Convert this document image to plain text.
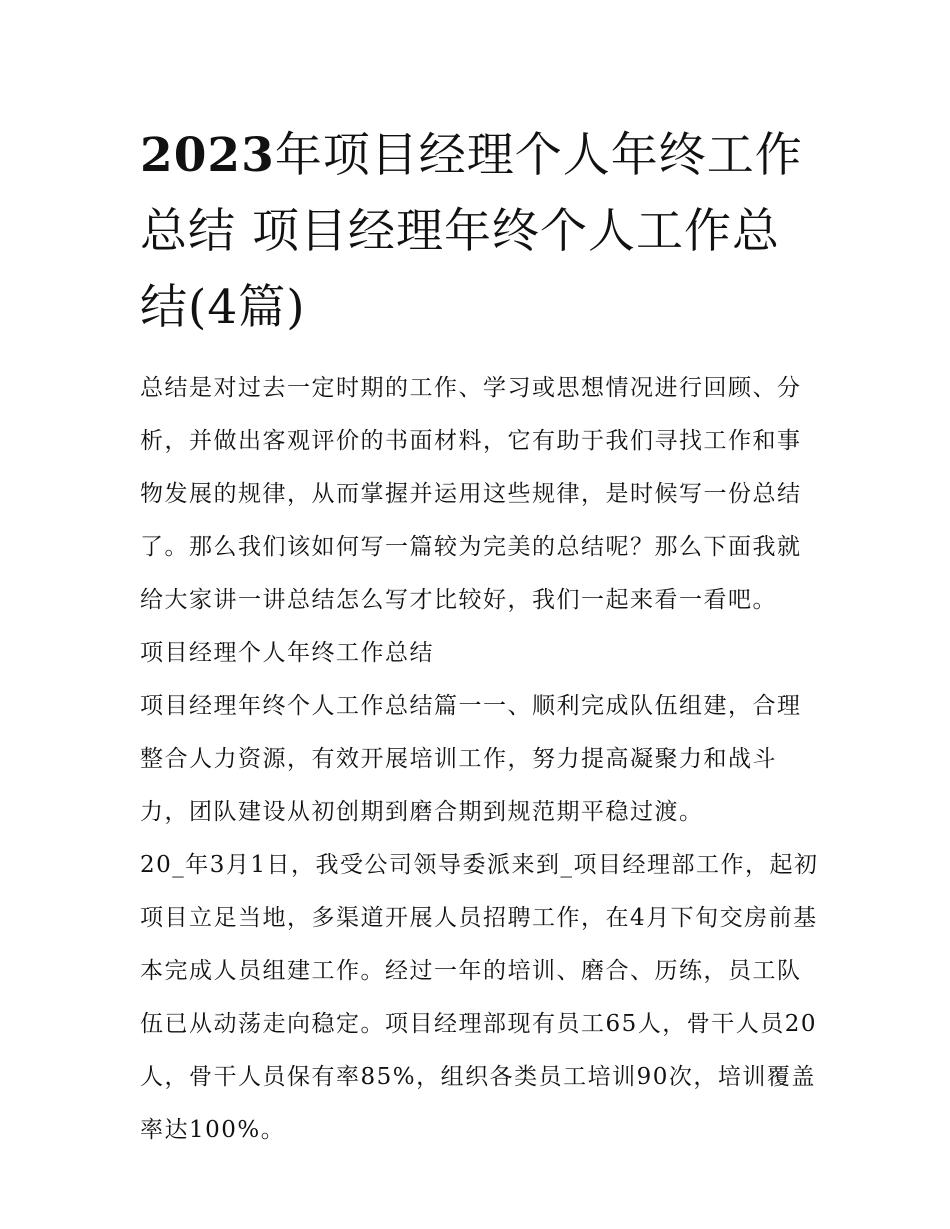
2023年项目经理个人年终工作总结 项目经理年终个人工作总结(4篇)

总结是对过去一定时期的工作、学习或思想情况进行回顾、分析，并做出客观评价的书面材料，它有助于我们寻找工作和事物发展的规律，从而掌握并运用这些规律，是时候写一份总结了。那么我们该如何写一篇较为完美的总结呢？那么下面我就给大家讲一讲总结怎么写才比较好，我们一起来看一看吧。

项目经理个人年终工作总结

项目经理年终个人工作总结篇一一、顺利完成队伍组建，合理整合人力资源，有效开展培训工作，努力提高凝聚力和战斗力，团队建设从初创期到磨合期到规范期平稳过渡。

20_年3月1日，我受公司领导委派来到_项目经理部工作，起初项目立足当地，多渠道开展人员招聘工作，在4月下旬交房前基本完成人员组建工作。经过一年的培训、磨合、历练，员工队伍已从动荡走向稳定。项目经理部现有员工65人，骨干人员20人，骨干人员保有率85%，组织各类员工培训90次，培训覆盖率达100%。
